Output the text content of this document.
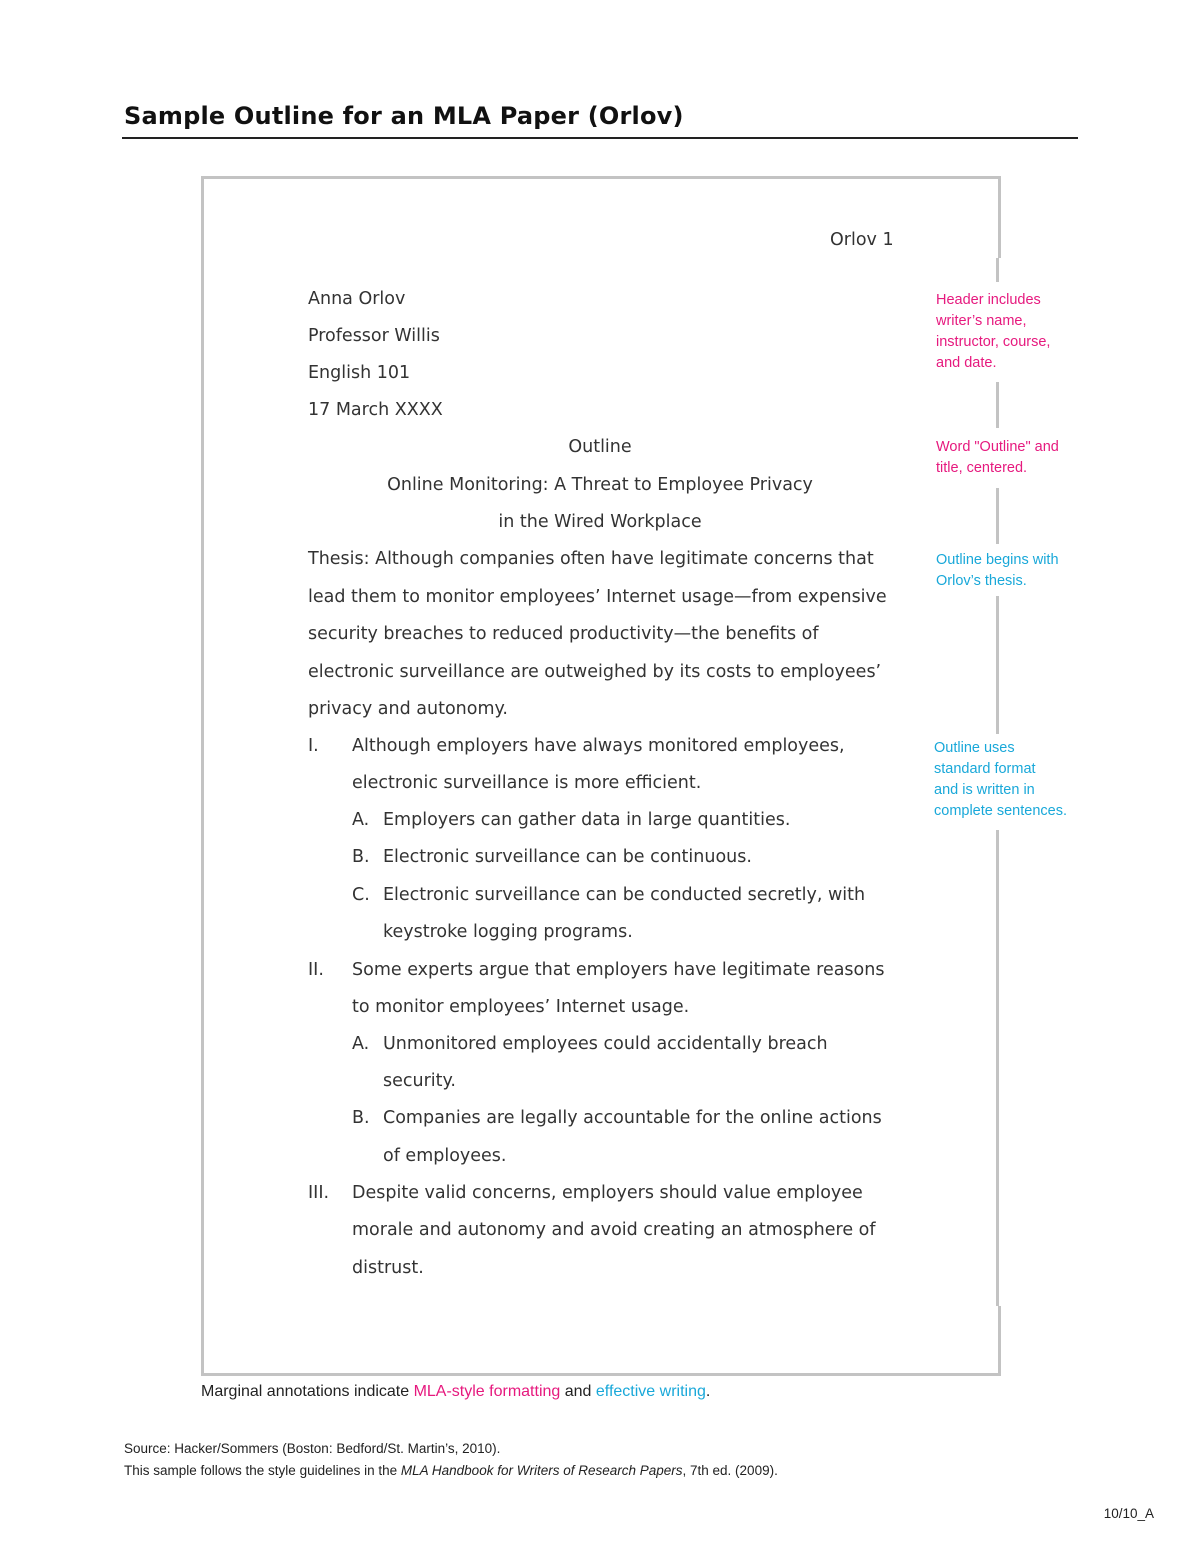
Sample Outline for an MLA Paper (Orlov)
Orlov 1
Anna Orlov
Professor Willis
English 101
17 March XXXX
Outline
Online Monitoring: A Threat to Employee Privacy
in the Wired Workplace
Thesis: Although companies often have legitimate concerns that
lead them to monitor employees’ Internet usage—from expensive
security breaches to reduced productivity—the benefits of
electronic surveillance are outweighed by its costs to employees’
privacy and autonomy.
I. Although employers have always monitored employees,
electronic surveillance is more efficient.
A. Employers can gather data in large quantities.
B. Electronic surveillance can be continuous.
C. Electronic surveillance can be conducted secretly, with
keystroke logging programs.
II. Some experts argue that employers have legitimate reasons
to monitor employees’ Internet usage.
A. Unmonitored employees could accidentally breach
security.
B. Companies are legally accountable for the online actions
of employees.
III. Despite valid concerns, employers should value employee
morale and autonomy and avoid creating an atmosphere of
distrust.
Header includes
writer’s name,
instructor, course,
and date.
Word "Outline" and
title, centered.
Outline begins with
Orlov’s thesis.
Outline uses
standard format
and is written in
complete sentences.
Marginal annotations indicate MLA-style formatting and effective writing.
Source: Hacker/Sommers (Boston: Bedford/St. Martin’s, 2010).
This sample follows the style guidelines in the MLA Handbook for Writers of Research Papers, 7th ed. (2009).
10/10_A
